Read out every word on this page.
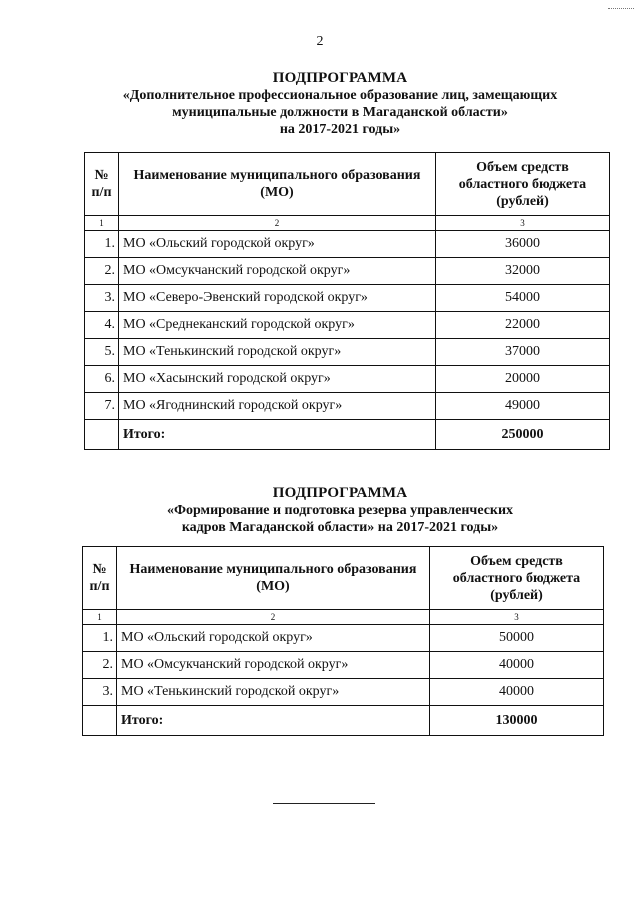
2
ПОДПРОГРАММА
«Дополнительное профессиональное образование лиц, замещающих
муниципальные должности в Магаданской области»
на 2017-2021 годы»
№ п/п	Наименование муниципального образования (МО)	Объем средств областного бюджета (рублей)
1	2	3
1.	МО «Ольский городской округ»	36000
2.	МО «Омсукчанский городской округ»	32000
3.	МО «Северо-Эвенский городской округ»	54000
4.	МО «Среднеканский городской округ»	22000
5.	МО «Тенькинский городской округ»	37000
6.	МО «Хасынский городской округ»	20000
7.	МО «Ягоднинский городской округ»	49000
	Итого:	250000
ПОДПРОГРАММА
«Формирование и подготовка резерва управленческих
кадров Магаданской области» на 2017-2021 годы»
№ п/п	Наименование муниципального образования (МО)	Объем средств областного бюджета (рублей)
1	2	3
1.	МО «Ольский городской округ»	50000
2.	МО «Омсукчанский городской округ»	40000
3.	МО «Тенькинский городской округ»	40000
	Итого:	130000
